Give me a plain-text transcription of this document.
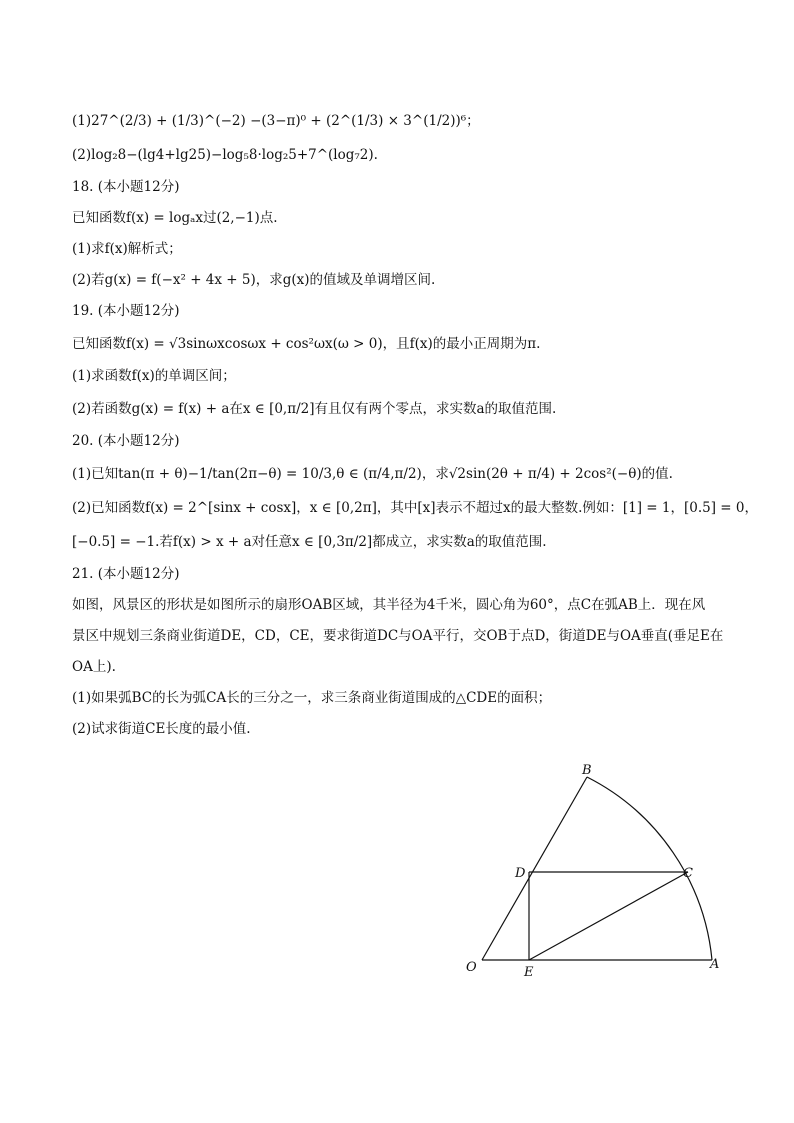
(1)27^(2/3) + (1/3)^(−2) −(3−π)⁰ + (2^(1/3) × 3^(1/2))⁶；
(2)log₂8−(lg4+lg25)−log₅8·log₂5+7^(log₇2).
18. (本小题12分)
已知函数f(x) = logₐx过(2,−1)点.
(1)求f(x)解析式；
(2)若g(x) = f(−x² + 4x + 5)，求g(x)的值域及单调增区间.
19. (本小题12分)
已知函数f(x) = √3sinωxcosωx + cos²ωx(ω > 0)，且f(x)的最小正周期为π.
(1)求函数f(x)的单调区间；
(2)若函数g(x) = f(x) + a在x ∈ [0,π/2]有且仅有两个零点，求实数a的取值范围.
20. (本小题12分)
(1)已知tan(π + θ)−1/tan(2π−θ) = 10/3,θ ∈ (π/4,π/2)，求√2sin(2θ + π/4) + 2cos²(−θ)的值.
(2)已知函数f(x) = 2^[sinx + cosx]，x ∈ [0,2π]，其中[x]表示不超过x的最大整数.例如：[1] = 1，[0.5] = 0，
[−0.5] = −1.若f(x) > x + a对任意x ∈ [0,3π/2]都成立，求实数a的取值范围.
21. (本小题12分)
如图，风景区的形状是如图所示的扇形OAB区域，其半径为4千米，圆心角为60°，点C在弧AB上．现在风
景区中规划三条商业街道DE，CD，CE，要求街道DC与OA平行，交OB于点D，街道DE与OA垂直(垂足E在
OA上).
(1)如果弧BC的长为弧CA长的三分之一，求三条商业街道围成的△CDE的面积；
(2)试求街道CE长度的最小值.
O	A
B
C
D
E
